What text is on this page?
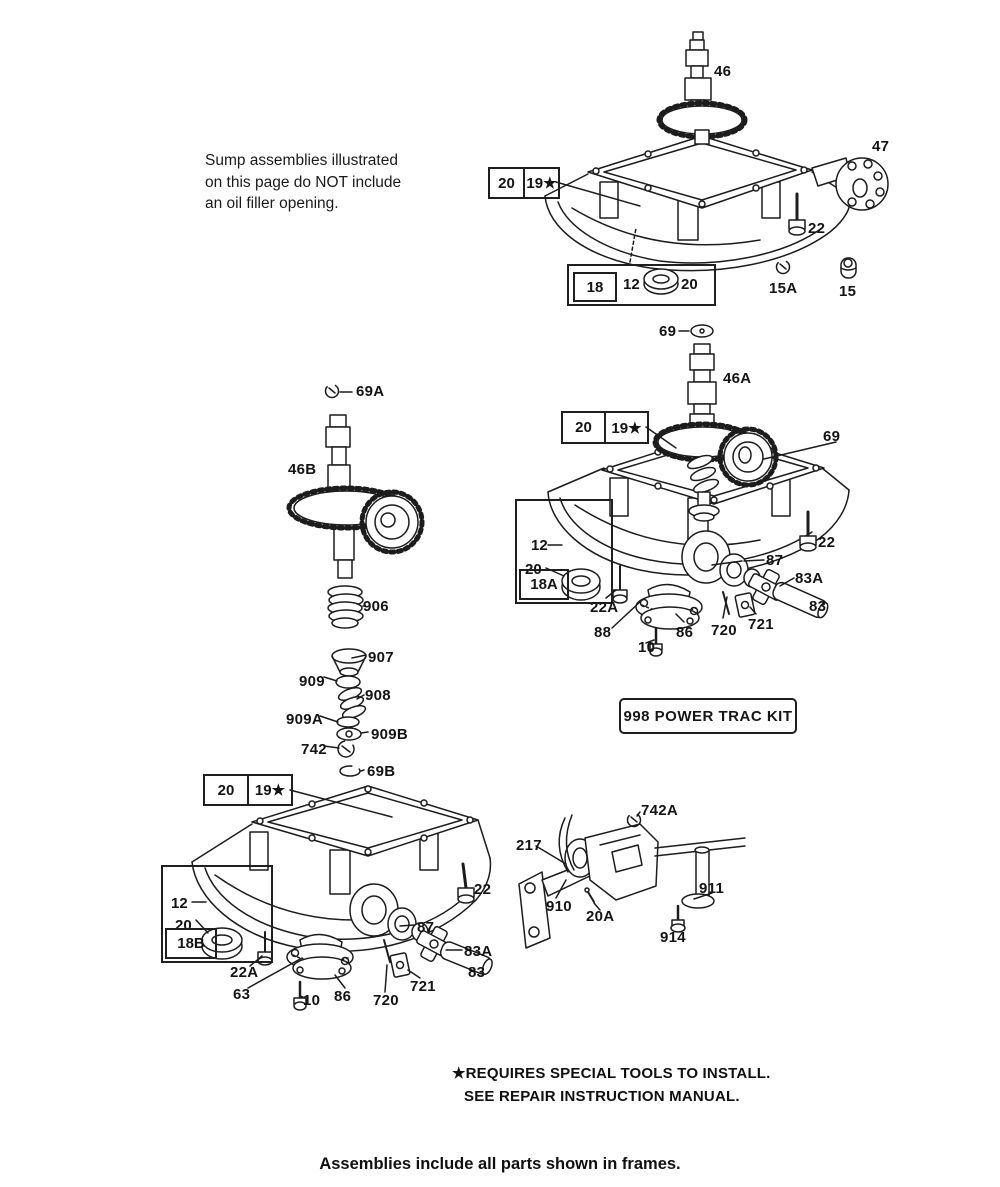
Sump assemblies illustrated
on this page do NOT include
an oil filler opening.
20 19★
18	12	20
20	19★
12
20
18A
20	19★
12
20
18B
998 POWER TRAC KIT
46
47
22
15A	15
69
46A
69
22
87
83A
83
22A
88
10
86 720 721
69A
46B
906
907
909
908
909A
909B
742
69B
22
87
83A
83
22A
63	10 86 720
721
742A
217
910
20A
911
914
★REQUIRES SPECIAL TOOLS TO INSTALL.
SEE REPAIR INSTRUCTION MANUAL.
Assemblies include all parts shown in frames.
